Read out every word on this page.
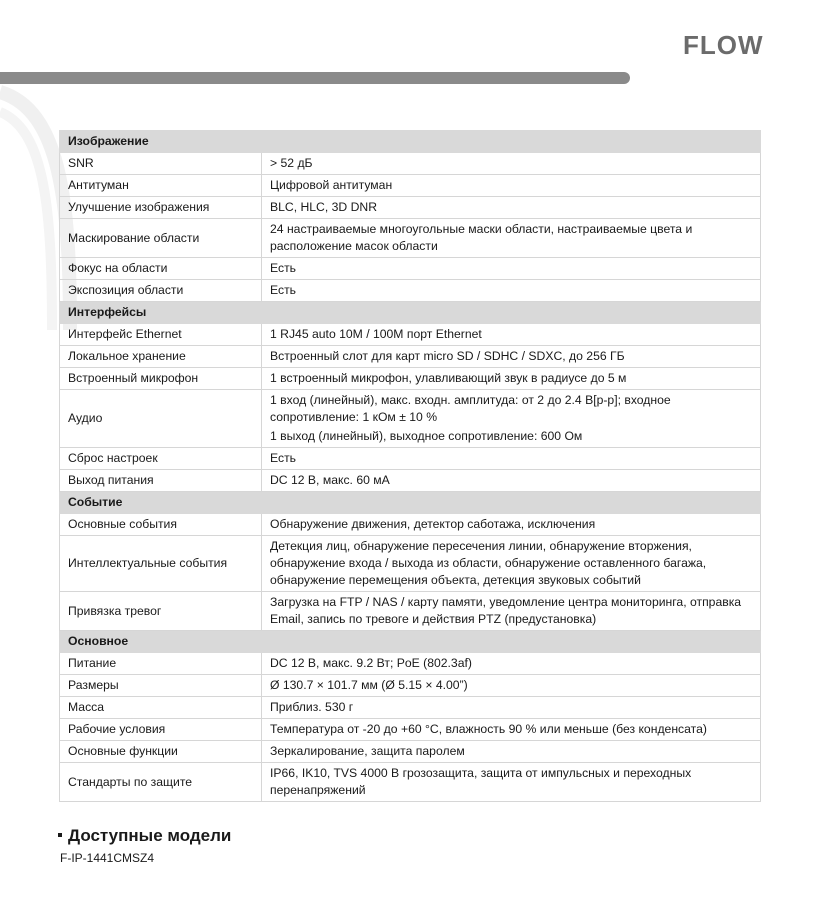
FLOW
Изображение	
SNR	> 52 дБ

Антитуман	Цифровой антитуман

Улучшение изображения	BLC, HLC, 3D DNR

Маскирование области	24 настраиваемые многоугольные маски области, настраиваемые цвета и расположение масок области

Фокус на области	Есть

Экспозиция области	Есть

Интерфейсы	
Интерфейс Ethernet	1 RJ45 auto 10M / 100M порт Ethernet

Локальное хранение	Встроенный слот для карт micro SD / SDHC / SDXC, до 256 ГБ

Встроенный микрофон	1 встроенный микрофон, улавливающий звук в радиусе до 5 м

Аудио	1 вход (линейный), макс. входн. амплитуда: от 2 до 2.4 В[p-p]; входное сопротивление: 1 кОм ± 10 %
1 выход (линейный), выходное сопротивление: 600 Ом

Сброс настроек	Есть

Выход питания	DC 12 В, макс. 60 мА

Событие	
Основные события	Обнаружение движения, детектор саботажа, исключения

Интеллектуальные события	Детекция лиц, обнаружение пересечения линии, обнаружение вторжения, обнаружение входа / выхода из области, обнаружение оставленного багажа, обнаружение перемещения объекта, детекция звуковых событий

Привязка тревог	Загрузка на FTP / NAS / карту памяти, уведомление центра мониторинга, отправка Email, запись по тревоге и действия PTZ (предустановка)

Основное	
Питание	DC 12 В, макс. 9.2 Вт; PoE (802.3af)

Размеры	Ø 130.7 × 101.7 мм (Ø 5.15 × 4.00”)

Масса	Приблиз. 530 г

Рабочие условия	Температура от -20 до +60 °C, влажность 90 % или меньше (без конденсата)

Основные функции	Зеркалирование, защита паролем

Стандарты по защите	IP66, IK10, TVS 4000 В грозозащита, защита от импульсных и переходных перенапряжений
Доступные модели
F-IP-1441CMSZ4
